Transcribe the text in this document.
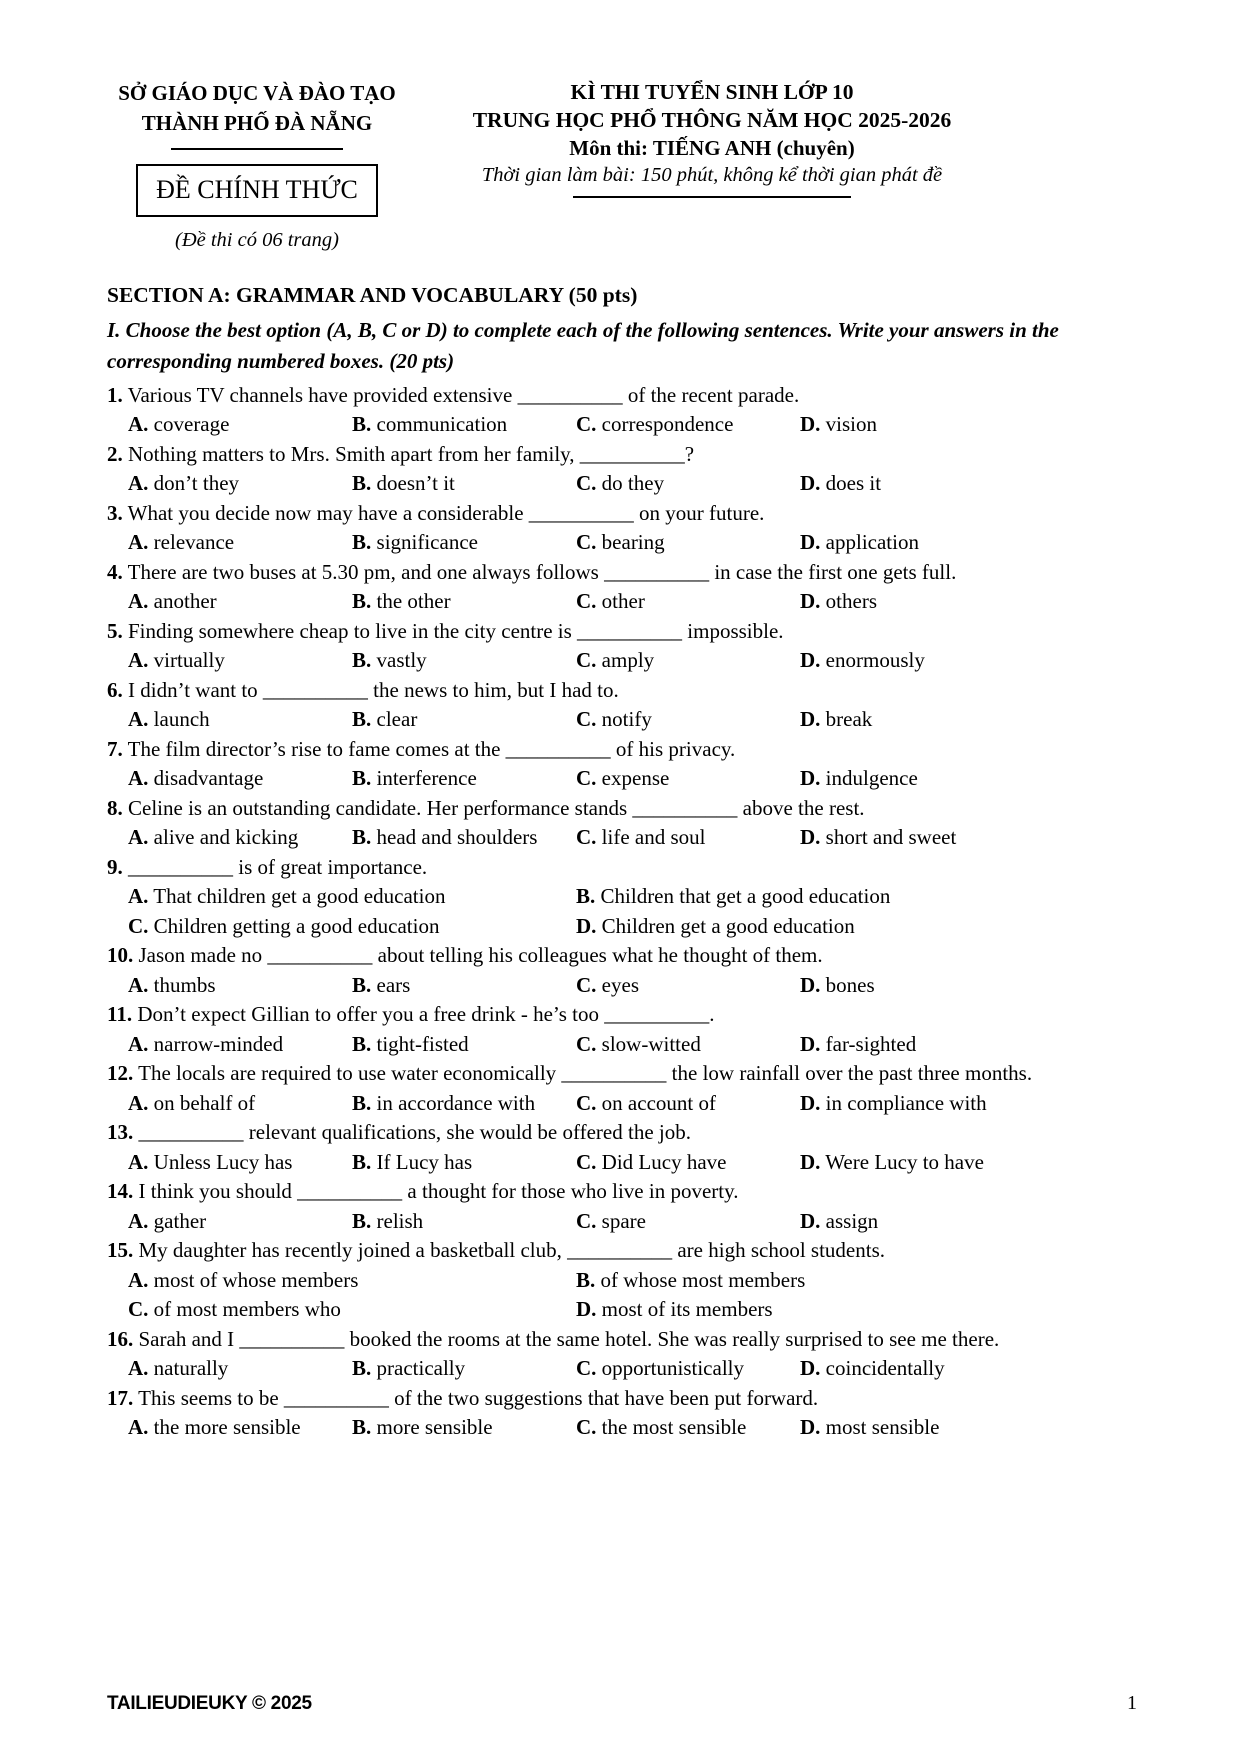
SỞ GIÁO DỤC VÀ ĐÀO TẠO
THÀNH PHỐ ĐÀ NẴNG
ĐỀ CHÍNH THỨC
(Đề thi có 06 trang)
KÌ THI TUYỂN SINH LỚP 10
TRUNG HỌC PHỔ THÔNG NĂM HỌC 2025-2026
Môn thi: TIẾNG ANH (chuyên)
Thời gian làm bài: 150 phút, không kể thời gian phát đề
SECTION A: GRAMMAR AND VOCABULARY (50 pts)
I. Choose the best option (A, B, C or D) to complete each of the following sentences. Write your answers in the corresponding numbered boxes. (20 pts)
1. Various TV channels have provided extensive __________ of the recent parade.
A. coverage	B. communication	C. correspondence	D. vision
2. Nothing matters to Mrs. Smith apart from her family, __________?
A. don’t they	B. doesn’t it	C. do they	D. does it
3. What you decide now may have a considerable __________ on your future.
A. relevance	B. significance	C. bearing	D. application
4. There are two buses at 5.30 pm, and one always follows __________ in case the first one gets full.
A. another	B. the other	C. other	D. others
5. Finding somewhere cheap to live in the city centre is __________ impossible.
A. virtually	B. vastly	C. amply	D. enormously
6. I didn’t want to __________ the news to him, but I had to.
A. launch	B. clear	C. notify	D. break
7. The film director’s rise to fame comes at the __________ of his privacy.
A. disadvantage	B. interference	C. expense	D. indulgence
8. Celine is an outstanding candidate. Her performance stands __________ above the rest.
A. alive and kicking	B. head and shoulders	C. life and soul	D. short and sweet
9. __________ is of great importance.
A. That children get a good education	B. Children that get a good education
C. Children getting a good education	D. Children get a good education
10. Jason made no __________ about telling his colleagues what he thought of them.
A. thumbs	B. ears	C. eyes	D. bones
11. Don’t expect Gillian to offer you a free drink - he’s too __________.
A. narrow-minded	B. tight-fisted	C. slow-witted	D. far-sighted
12. The locals are required to use water economically __________ the low rainfall over the past three months.
A. on behalf of	B. in accordance with	C. on account of	D. in compliance with
13. __________ relevant qualifications, she would be offered the job.
A. Unless Lucy has	B. If Lucy has	C. Did Lucy have	D. Were Lucy to have
14. I think you should __________ a thought for those who live in poverty.
A. gather	B. relish	C. spare	D. assign
15. My daughter has recently joined a basketball club, __________ are high school students.
A. most of whose members	B. of whose most members
C. of most members who	D. most of its members
16. Sarah and I __________ booked the rooms at the same hotel. She was really surprised to see me there.
A. naturally	B. practically	C. opportunistically	D. coincidentally
17. This seems to be __________ of the two suggestions that have been put forward.
A. the more sensible	B. more sensible	C. the most sensible	D. most sensible
TAILIEUDIEUKY © 2025	1
